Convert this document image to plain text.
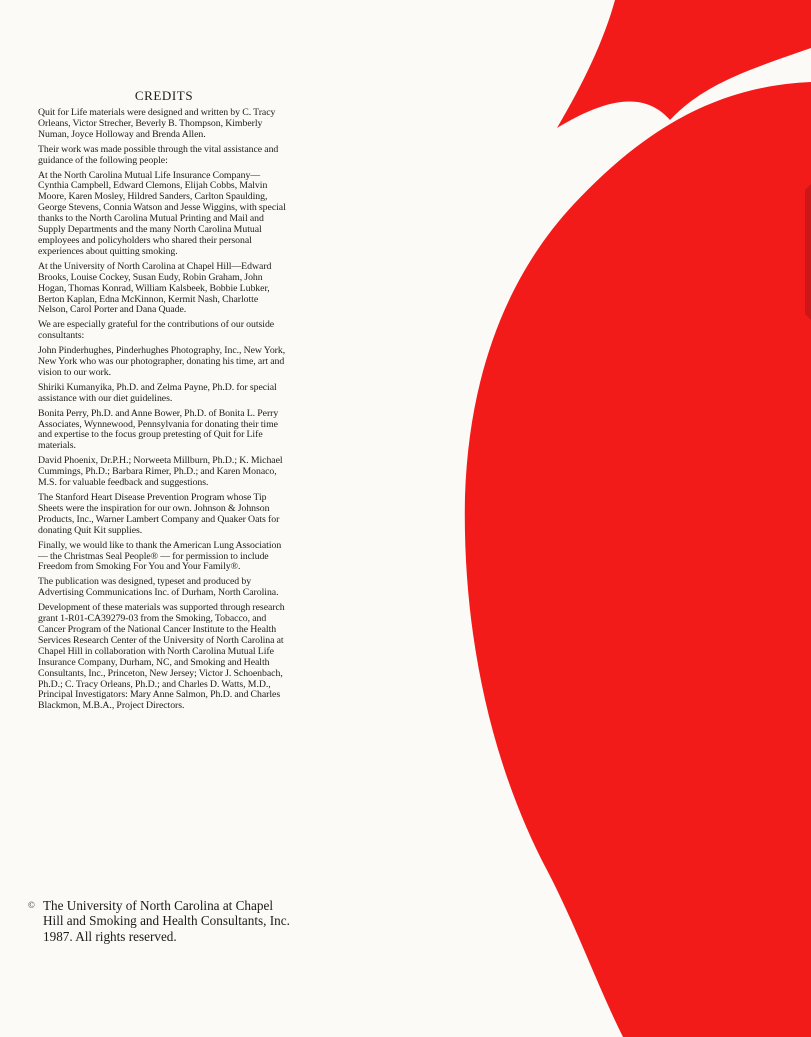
CREDITS

Quit for Life materials were designed and written by C. Tracy Orleans, Victor Strecher, Beverly B. Thompson, Kimberly Numan, Joyce Holloway and Brenda Allen.

Their work was made possible through the vital assistance and guidance of the following people:

At the North Carolina Mutual Life Insurance Company—Cynthia Campbell, Edward Clemons, Elijah Cobbs, Malvin Moore, Karen Mosley, Hildred Sanders, Carlton Spaulding, George Stevens, Connia Watson and Jesse Wiggins, with special thanks to the North Carolina Mutual Printing and Mail and Supply Departments and the many North Carolina Mutual employees and policyholders who shared their personal experiences about quitting smoking.

At the University of North Carolina at Chapel Hill—Edward Brooks, Louise Cockey, Susan Eudy, Robin Graham, John Hogan, Thomas Konrad, William Kalsbeek, Bobbie Lubker, Berton Kaplan, Edna McKinnon, Kermit Nash, Charlotte Nelson, Carol Porter and Dana Quade.

We are especially grateful for the contributions of our outside consultants:

John Pinderhughes, Pinderhughes Photography, Inc., New York, New York who was our photographer, donating his time, art and vision to our work.

Shiriki Kumanyika, Ph.D. and Zelma Payne, Ph.D. for special assistance with our diet guidelines.

Bonita Perry, Ph.D. and Anne Bower, Ph.D. of Bonita L. Perry Associates, Wynnewood, Pennsylvania for donating their time and expertise to the focus group pretesting of Quit for Life materials.

David Phoenix, Dr.P.H.; Norweeta Millburn, Ph.D.; K. Michael Cummings, Ph.D.; Barbara Rimer, Ph.D.; and Karen Monaco, M.S. for valuable feedback and suggestions.

The Stanford Heart Disease Prevention Program whose Tip Sheets were the inspiration for our own. Johnson & Johnson Products, Inc., Warner Lambert Company and Quaker Oats for donating Quit Kit supplies.

Finally, we would like to thank the American Lung Association — the Christmas Seal People® — for permission to include Freedom from Smoking For You and Your Family®.

The publication was designed, typeset and produced by Advertising Communications Inc. of Durham, North Carolina.

Development of these materials was supported through research grant 1-R01-CA39279-03 from the Smoking, Tobacco, and Cancer Program of the National Cancer Institute to the Health Services Research Center of the University of North Carolina at Chapel Hill in collaboration with North Carolina Mutual Life Insurance Company, Durham, NC, and Smoking and Health Consultants, Inc., Princeton, New Jersey; Victor J. Schoenbach, Ph.D.; C. Tracy Orleans, Ph.D.; and Charles D. Watts, M.D., Principal Investigators: Mary Anne Salmon, Ph.D. and Charles Blackmon, M.B.A., Project Directors.

© The University of North Carolina at Chapel Hill and Smoking and Health Consultants, Inc. 1987. All rights reserved.
